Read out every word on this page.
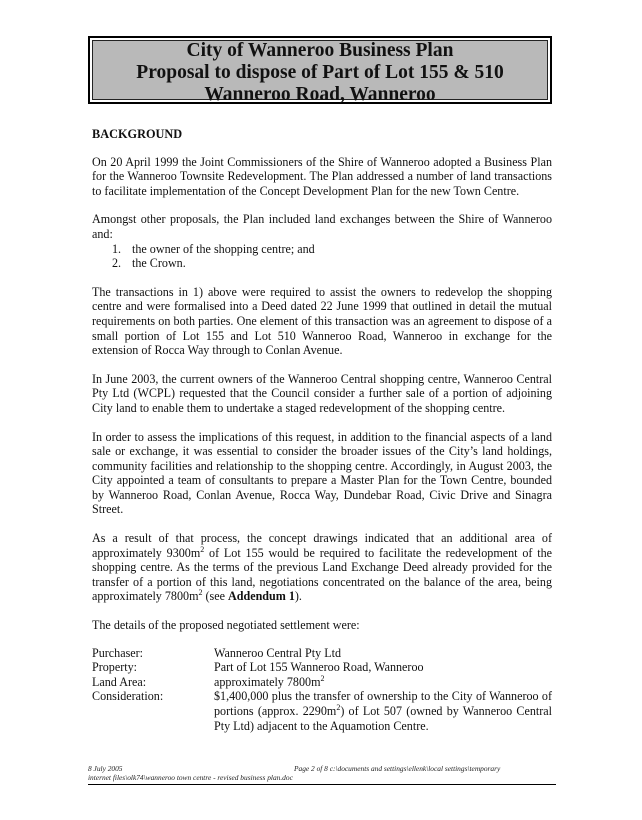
City of Wanneroo Business Plan
Proposal to dispose of Part of Lot 155 & 510
Wanneroo Road, Wanneroo
BACKGROUND

On 20 April 1999 the Joint Commissioners of the Shire of Wanneroo adopted a Business Plan for the Wanneroo Townsite Redevelopment. The Plan addressed a number of land transactions to facilitate implementation of the Concept Development Plan for the new Town Centre.

Amongst other proposals, the Plan included land exchanges between the Shire of Wanneroo and:

1. the owner of the shopping centre; and
2. the Crown.

The transactions in 1) above were required to assist the owners to redevelop the shopping centre and were formalised into a Deed dated 22 June 1999 that outlined in detail the mutual requirements on both parties. One element of this transaction was an agreement to dispose of a small portion of Lot 155 and Lot 510 Wanneroo Road, Wanneroo in exchange for the extension of Rocca Way through to Conlan Avenue.

In June 2003, the current owners of the Wanneroo Central shopping centre, Wanneroo Central Pty Ltd (WCPL) requested that the Council consider a further sale of a portion of adjoining City land to enable them to undertake a staged redevelopment of the shopping centre.

In order to assess the implications of this request, in addition to the financial aspects of a land sale or exchange, it was essential to consider the broader issues of the City’s land holdings, community facilities and relationship to the shopping centre. Accordingly, in August 2003, the City appointed a team of consultants to prepare a Master Plan for the Town Centre, bounded by Wanneroo Road, Conlan Avenue, Rocca Way, Dundebar Road, Civic Drive and Sinagra Street.

As a result of that process, the concept drawings indicated that an additional area of approximately $9300m^2$ of Lot 155 would be required to facilitate the redevelopment of the shopping centre. As the terms of the previous Land Exchange Deed already provided for the transfer of a portion of this land, negotiations concentrated on the balance of the area, being approximately $7800m^2$ (see Addendum 1).

The details of the proposed negotiated settlement were:

Purchaser:	Wanneroo Central Pty Ltd
Property:	Part of Lot 155 Wanneroo Road, Wanneroo
Land Area:	approximately $7800m^2$
Consideration:	$1,400,000 plus the transfer of ownership to the City of Wanneroo of portions (approx. $2290m^2$) of Lot 507 (owned by Wanneroo Central Pty Ltd) adjacent to the Aquamotion Centre.
8 July 2005	Page 2 of 8 c:\documents and settings\ellenk\local settings\temporary
internet files\olk74\wanneroo town centre - revised business plan.doc
